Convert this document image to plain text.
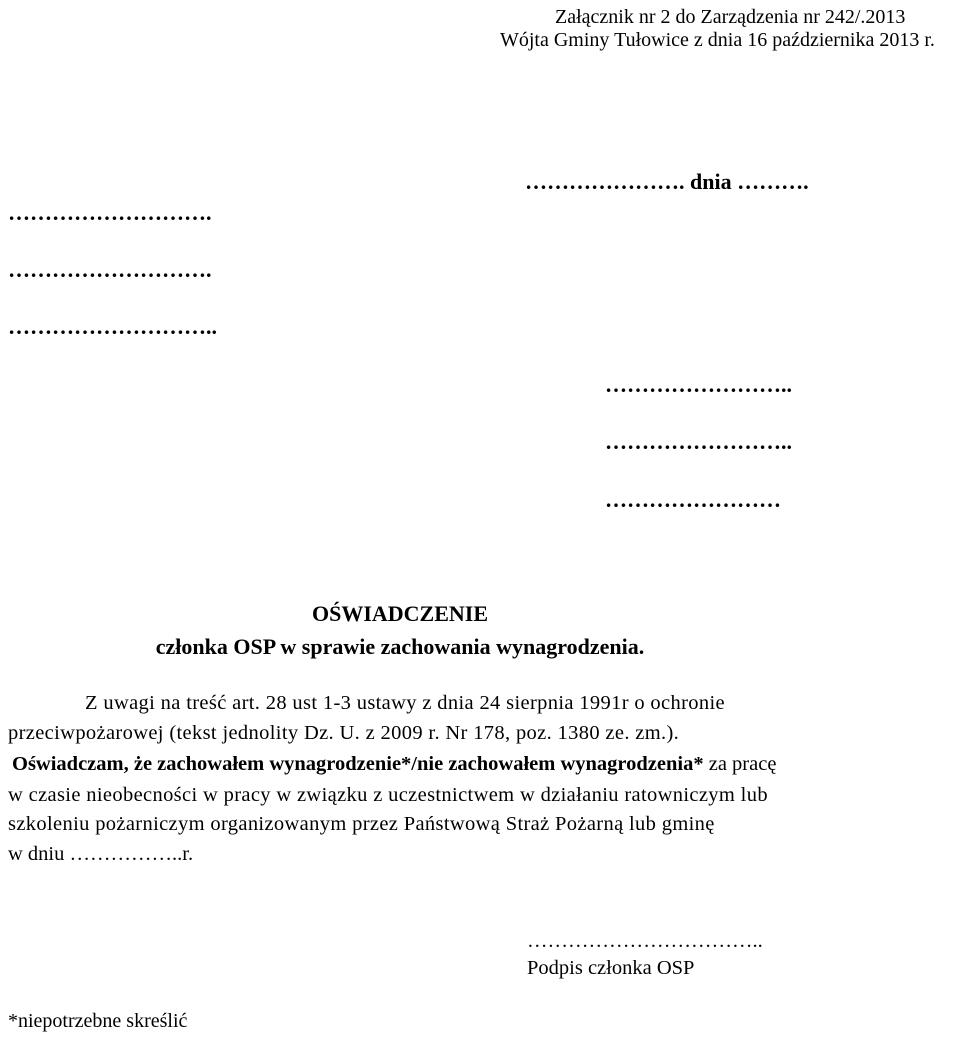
Załącznik nr 2 do Zarządzenia nr 242/.2013
Wójta Gminy Tułowice z dnia 16 października 2013 r.
…………………. dnia ……….
……………………….
……………………….
………………………..
……………………..
……………………..
……………………
OŚWIADCZENIE
członka OSP w sprawie zachowania wynagrodzenia.
Z uwagi na treść art. 28 ust 1-3 ustawy z dnia 24 sierpnia 1991r o ochronie
przeciwpożarowej (tekst jednolity Dz. U. z 2009 r. Nr 178, poz. 1380 ze. zm.).
Oświadczam, że zachowałem wynagrodzenie*/nie zachowałem wynagrodzenia* za pracę
w czasie nieobecności w pracy w związku z uczestnictwem w działaniu ratowniczym lub
szkoleniu pożarniczym organizowanym przez Państwową Straż Pożarną lub gminę
w dniu ……………..r.
……………………………..
Podpis członka OSP
*niepotrzebne skreślić
